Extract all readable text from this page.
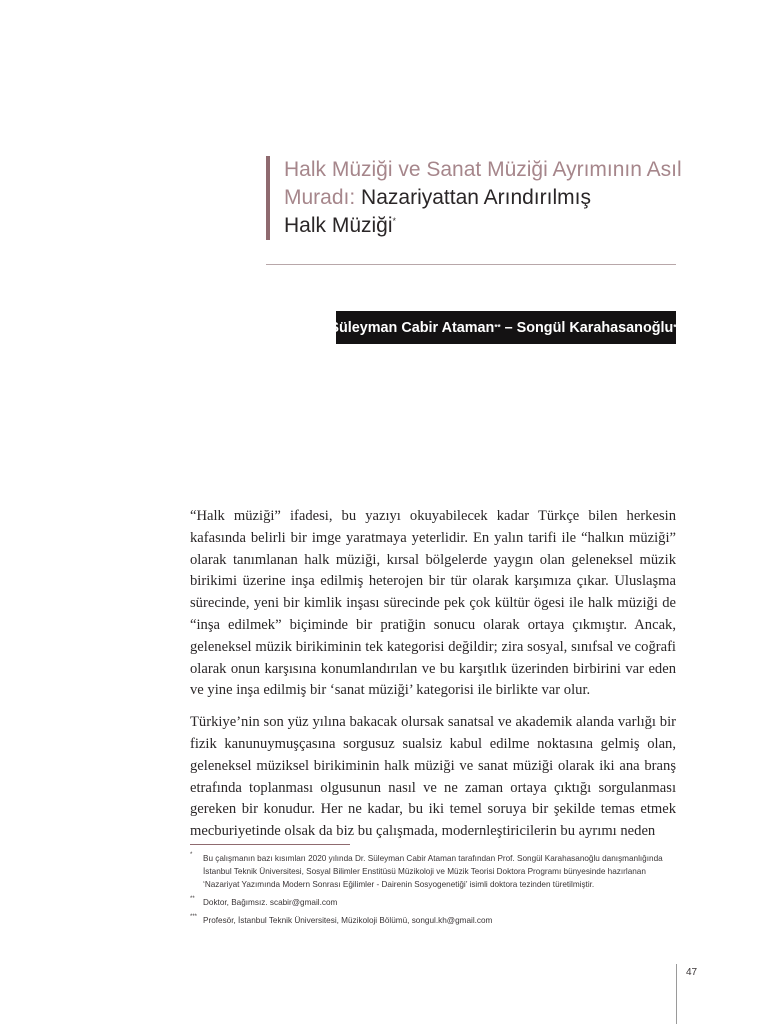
Halk Müziği ve Sanat Müziği Ayrımının Asıl Muradı: Nazariyattan Arındırılmış
Halk Müziği*
Süleyman Cabir Ataman ** – Songül Karahasanoğlu ***

“Halk müziği” ifadesi, bu yazıyı okuyabilecek kadar Türkçe bilen herkesin kafasında belirli bir imge yaratmaya yeterlidir. En yalın tarifi ile “halkın müziği” olarak tanımlanan halk müziği, kırsal bölgelerde yaygın olan geleneksel müzik birikimi üzerine inşa edilmiş heterojen bir tür olarak karşımıza çıkar. Uluslaşma sürecinde, yeni bir kimlik inşası sürecinde pek çok kültür ögesi ile halk müziği de “inşa edilmek” biçiminde bir pratiğin sonucu olarak ortaya çıkmıştır. Ancak, geleneksel müzik birikiminin tek kategorisi değildir; zira sosyal, sınıfsal ve coğrafi olarak onun karşısına konumlandırılan ve bu karşıtlık üzerinden birbirini var eden ve yine inşa edilmiş bir ‘sanat müziği’ kategorisi ile birlikte var olur.

Türkiye’nin son yüz yılına bakacak olursak sanatsal ve akademik alanda varlığı bir fizik kanunuymuşçasına sorgusuz sualsiz kabul edilme noktasına gelmiş olan, geleneksel müziksel birikiminin halk müziği ve sanat müziği olarak iki ana branş etrafında toplanması olgusunun nasıl ve ne zaman ortaya çıktığı sorgulanması gereken bir konudur. Her ne kadar, bu iki temel soruya bir şekilde temas etmek mecburiyetinde olsak da biz bu çalışmada, modernleştiricilerin bu ayrımı neden

* Bu çalışmanın bazı kısımları 2020 yılında Dr. Süleyman Cabir Ataman tarafından Prof. Songül Karahasanoğlu danışmanlığında İstanbul Teknik Üniversitesi, Sosyal Bilimler Enstitüsü Müzikoloji ve Müzik Teorisi Doktora Programı bünyesinde hazırlanan ‘Nazariyat Yazımında Modern Sonrası Eğilimler - Dairenin Sosyogenetiği’ isimli doktora tezinden türetilmiştir.
** Doktor, Bağımsız. scabir@gmail.com
*** Profesör, İstanbul Teknik Üniversitesi, Müzikoloji Bölümü, songul.kh@gmail.com
47
